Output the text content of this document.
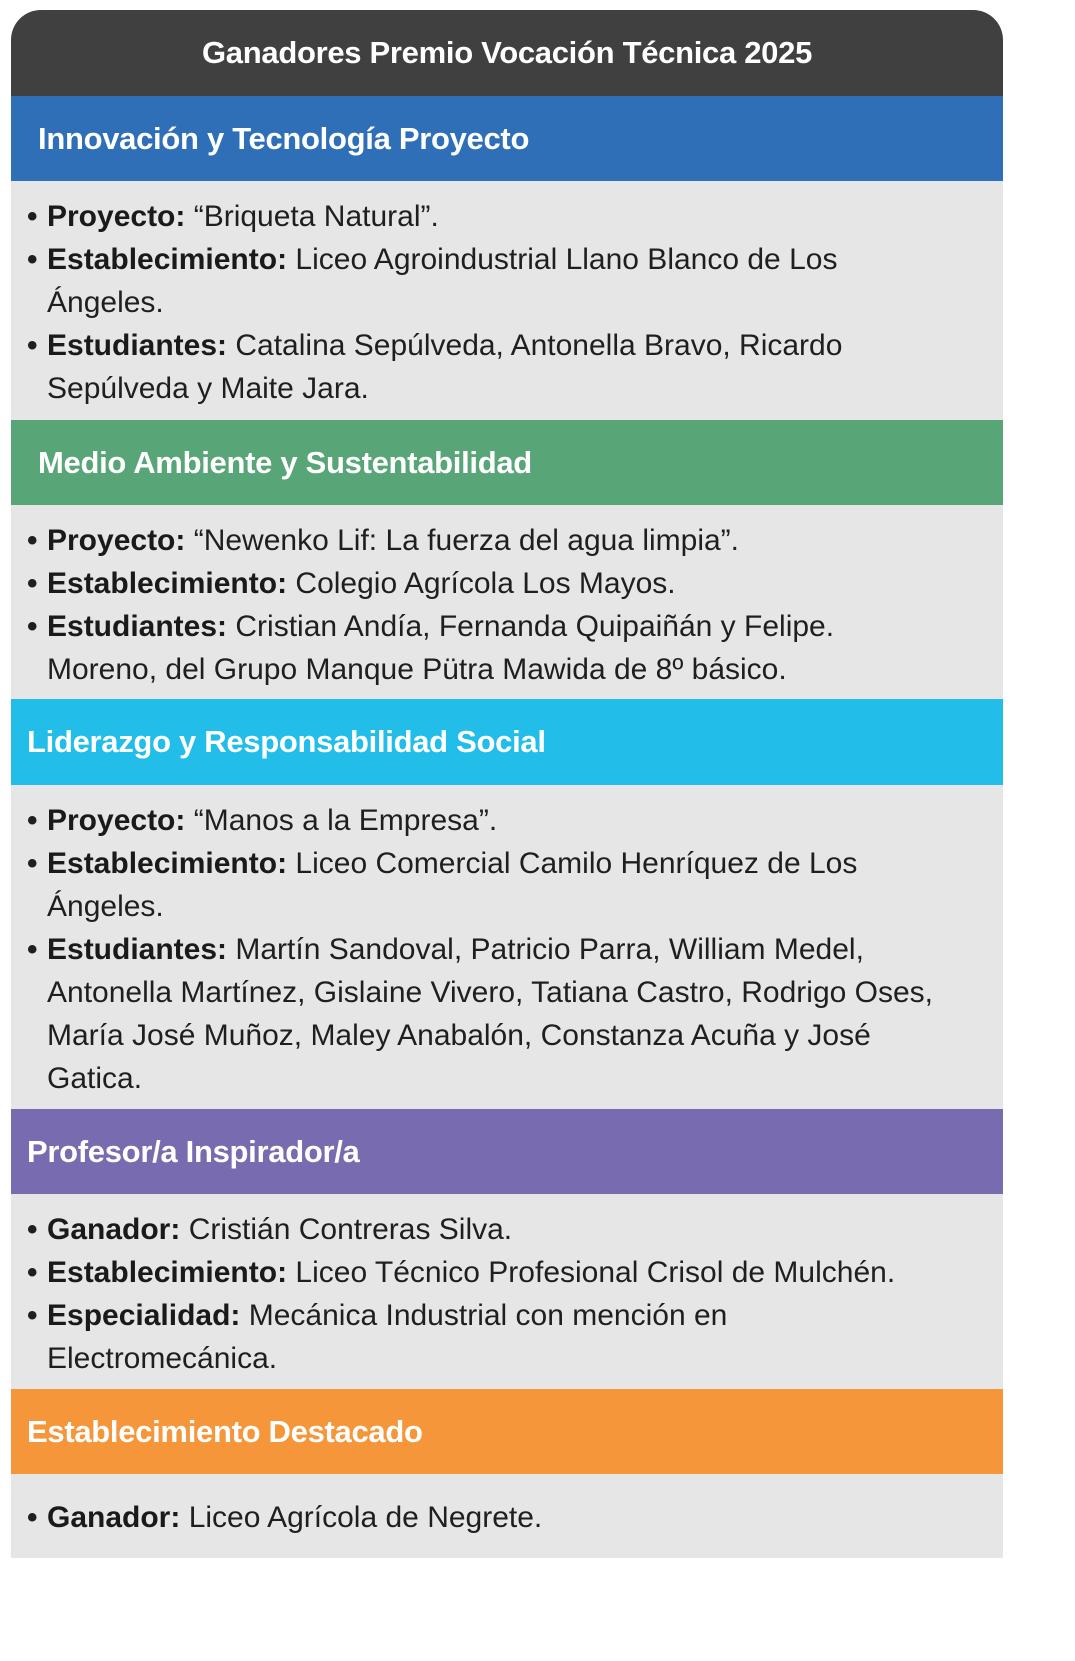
Ganadores Premio Vocación Técnica 2025
Innovación y Tecnología Proyecto
• Proyecto: “Briqueta Natural”.
• Establecimiento: Liceo Agroindustrial Llano Blanco de Los Ángeles.
• Estudiantes: Catalina Sepúlveda, Antonella Bravo, Ricardo Sepúlveda y Maite Jara.
Medio Ambiente y Sustentabilidad
• Proyecto: “Newenko Lif: La fuerza del agua limpia”.
• Establecimiento: Colegio Agrícola Los Mayos.
• Estudiantes: Cristian Andía, Fernanda Quipaiñán y Felipe. Moreno, del Grupo Manque Pütra Mawida de 8º básico.
Liderazgo y Responsabilidad Social
• Proyecto: “Manos a la Empresa”.
• Establecimiento: Liceo Comercial Camilo Henríquez de Los Ángeles.
• Estudiantes: Martín Sandoval, Patricio Parra, William Medel, Antonella Martínez, Gislaine Vivero, Tatiana Castro, Rodrigo Oses, María José Muñoz, Maley Anabalón, Constanza Acuña y José Gatica.
Profesor/a Inspirador/a
• Ganador: Cristián Contreras Silva.
• Establecimiento: Liceo Técnico Profesional Crisol de Mulchén.
• Especialidad: Mecánica Industrial con mención en Electromecánica.
Establecimiento Destacado
• Ganador: Liceo Agrícola de Negrete.
